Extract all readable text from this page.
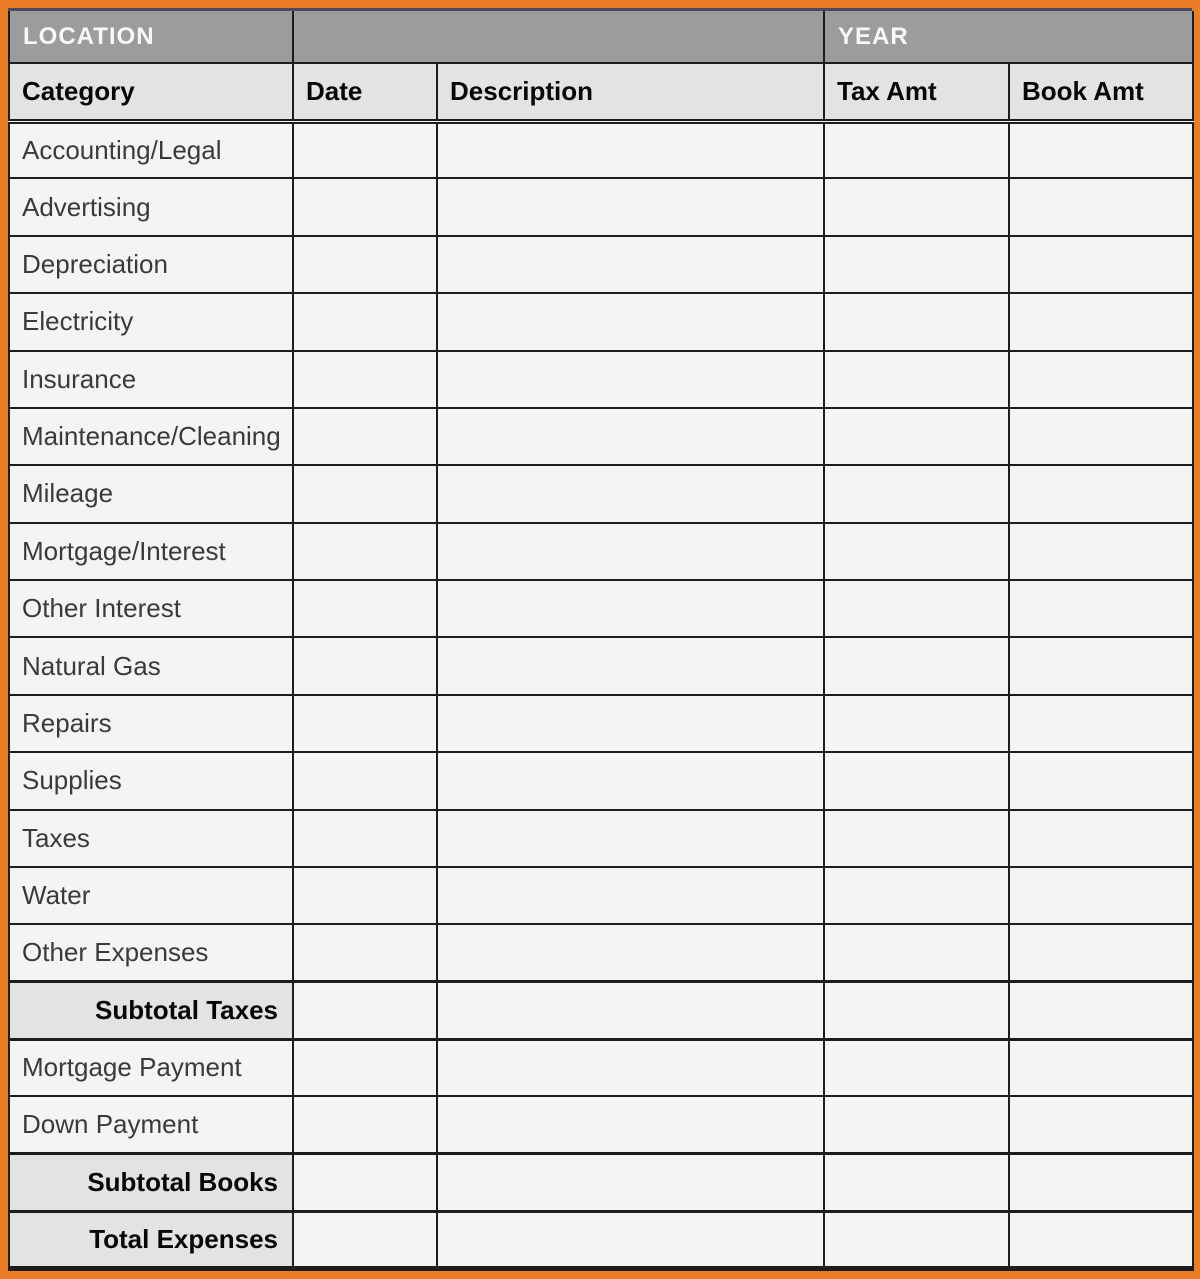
LOCATION			YEAR	
Category	Date	Description	Tax Amt	Book Amt
Accounting/Legal				
Advertising				
Depreciation				
Electricity				
Insurance				
Maintenance/Cleaning				
Mileage				
Mortgage/Interest				
Other Interest				
Natural Gas				
Repairs				
Supplies				
Taxes				
Water				
Other Expenses				
Subtotal Taxes				
Mortgage Payment				
Down Payment				
Subtotal Books				
Total Expenses				
